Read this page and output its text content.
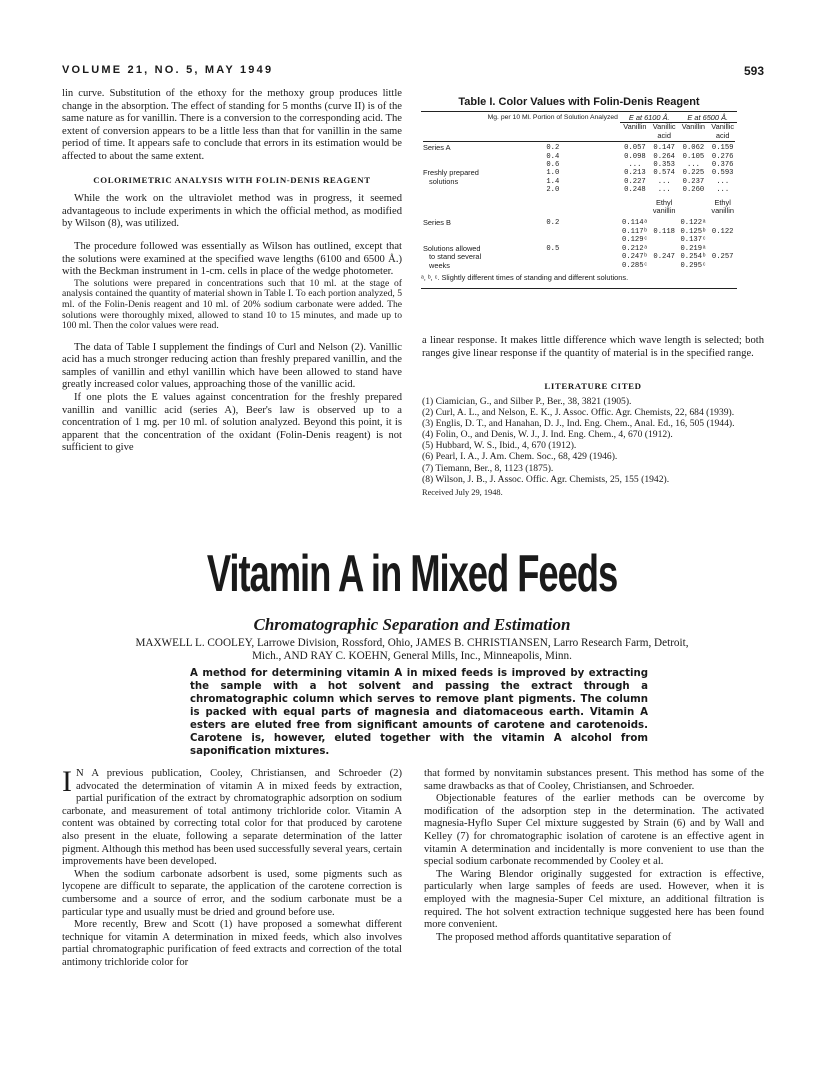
VOLUME 21, NO. 5, MAY 1949	593

lin curve. Substitution of the ethoxy for the methoxy group produces little change in the absorption. The effect of standing for 5 months (curve II) is of the same nature as for vanillin. There is a conversion to the corresponding acid. The extent of conversion appears to be a little less than that for vanillin in the same period of time. It appears safe to conclude that errors in its estimation would be affected to about the same extent.

COLORIMETRIC ANALYSIS WITH FOLIN-DENIS REAGENT

While the work on the ultraviolet method was in progress, it seemed advantageous to include experiments in which the official method, as modified by Wilson (8), was utilized.

The procedure followed was essentially as Wilson has outlined, except that the solutions were examined at the specified wave lengths (6100 and 6500 Å.) with the Beckman instrument in 1-cm. cells in place of the wedge photometer.

The solutions were prepared in concentrations such that 10 ml. at the stage of analysis contained the quantity of material shown in Table I. To each portion analyzed, 5 ml. of the Folin-Denis reagent and 10 ml. of 20% sodium carbonate were added. The solutions were thoroughly mixed, allowed to stand 10 to 15 minutes, and made up to 100 ml. Then the color values were read.

The data of Table I supplement the findings of Curl and Nelson (2). Vanillic acid has a much stronger reducing action than freshly prepared vanillin, and the samples of vanillin and ethyl vanillin which have been allowed to stand have greatly increased color values, approaching those of the vanillic acid.

If one plots the E values against concentration for the freshly prepared vanillin and vanillic acid (series A), Beer's law is observed up to a concentration of 1 mg. per 10 ml. of solution analyzed. Beyond this point, it is apparent that the concentration of the oxidant (Folin-Denis reagent) is not sufficient to give

Table I. Color Values with Folin-Denis Reagent
	Mg. per 10 Ml. Portion of Solution Analyzed	E at 6100 Å.		E at 6500 Å.	
		Vanillin	Vanillic acid	Vanillin	Vanillic acid

Series A	0.2	0.057	0.147	0.062	0.159
	0.4	0.098	0.264	0.105	0.276
	0.6	...	0.353	...	0.376
Freshly prepared	1.0	0.213	0.574	0.225	0.593
solutions	1.4	0.227	...	0.237	...
	2.0	0.248	...	0.260	...
			Ethyl vanillin		Ethyl vanillin

Series B	0.2	0.114ᵃ		0.122ᵃ	
		0.117ᵇ	0.118	0.125ᵇ	0.122
		0.129ᶜ		0.137ᶜ	
Solutions allowed	0.5	0.212ᵃ		0.219ᵃ	
to stand several		0.247ᵇ	0.247	0.254ᵇ	0.257
weeks		0.285ᶜ		0.295ᶜ	
ᵃ, ᵇ, ᶜ. Slightly different times of standing and different solutions.

a linear response. It makes little difference which wave length is selected; both ranges give linear response if the quantity of material is in the specified range.

LITERATURE CITED
(1) Ciamician, G., and Silber P., Ber., 38, 3821 (1905).
(2) Curl, A. L., and Nelson, E. K., J. Assoc. Offic. Agr. Chemists, 22, 684 (1939).
(3) Englis, D. T., and Hanahan, D. J., Ind. Eng. Chem., Anal. Ed., 16, 505 (1944).
(4) Folin, O., and Denis, W. J., J. Ind. Eng. Chem., 4, 670 (1912).
(5) Hubbard, W. S., Ibid., 4, 670 (1912).
(6) Pearl, I. A., J. Am. Chem. Soc., 68, 429 (1946).
(7) Tiemann, Ber., 8, 1123 (1875).
(8) Wilson, J. B., J. Assoc. Offic. Agr. Chemists, 25, 155 (1942).
Received July 29, 1948.
Vitamin A in Mixed Feeds
Chromatographic Separation and Estimation
MAXWELL L. COOLEY, Larrowe Division, Rossford, Ohio, JAMES B. CHRISTIANSEN, Larro Research Farm, Detroit,
Mich., AND RAY C. KOEHN, General Mills, Inc., Minneapolis, Minn.
A method for determining vitamin A in mixed feeds is improved by extracting the sample with a hot solvent and passing the extract through a chromatographic column which serves to remove plant pigments. The column is packed with equal parts of magnesia and diatomaceous earth. Vitamin A esters are eluted free from significant amounts of carotene and carotenoids. Carotene is, however, eluted together with the vitamin A alcohol from saponification mixtures.

I N A previous publication, Cooley, Christiansen, and Schroeder (2) advocated the determination of vitamin A in mixed feeds by extraction, partial purification of the extract by chromatographic adsorption on sodium carbonate, and measurement of total antimony trichloride color. Vitamin A content was obtained by correcting total color for that produced by carotene also present in the eluate, following a separate determination of the latter pigment. Although this method has been used successfully several years, certain improvements have been developed.

When the sodium carbonate adsorbent is used, some pigments such as lycopene are difficult to separate, the application of the carotene correction is cumbersome and a source of error, and the sodium carbonate must be a particular type and usually must be dried and ground before use.

More recently, Brew and Scott (1) have proposed a somewhat different technique for vitamin A determination in mixed feeds, which also involves partial chromatographic purification of feed extracts and correction of the total antimony trichloride color for

that formed by nonvitamin substances present. This method has some of the same drawbacks as that of Cooley, Christiansen, and Schroeder.

Objectionable features of the earlier methods can be overcome by modification of the adsorption step in the determination. The activated magnesia-Hyflo Super Cel mixture suggested by Strain (6) and by Wall and Kelley (7) for chromatographic isolation of carotene is an effective agent in vitamin A determination and incidentally is more convenient to use than the special sodium carbonate recommended by Cooley et al.

The Waring Blendor originally suggested for extraction is effective, particularly when large samples of feeds are used. However, when it is employed with the magnesia-Super Cel mixture, an additional filtration is required. The hot solvent extraction technique suggested here has been found more convenient.

The proposed method affords quantitative separation of
